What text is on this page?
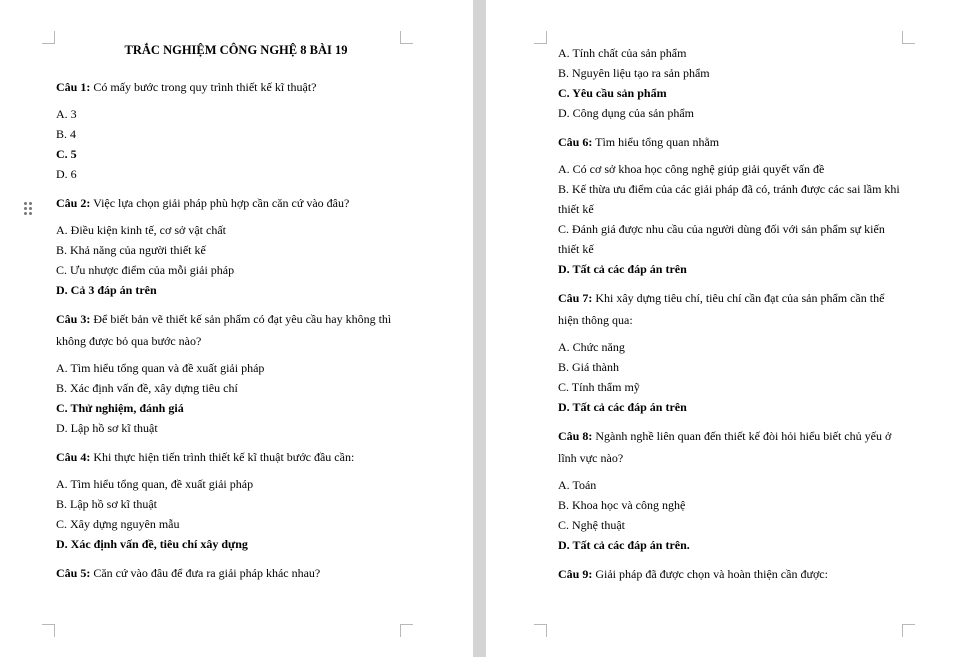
TRẮC NGHIỆM CÔNG NGHỆ 8 BÀI 19
Câu 1: Có mấy bước trong quy trình thiết kế kĩ thuật?
A. 3
B. 4
C. 5
D. 6
Câu 2: Việc lựa chọn giải pháp phù hợp cần căn cứ vào đâu?
A. Điều kiện kinh tế, cơ sở vật chất
B. Khả năng của người thiết kế
C. Ưu nhược điểm của mỗi giải pháp
D. Cả 3 đáp án trên
Câu 3: Để biết bản vẽ thiết kế sản phẩm có đạt yêu cầu hay không thì không được bỏ qua bước nào?
A. Tìm hiểu tổng quan và đề xuất giải pháp
B. Xác định vấn đề, xây dựng tiêu chí
C. Thử nghiệm, đánh giá
D. Lập hồ sơ kĩ thuật
Câu 4: Khi thực hiện tiến trình thiết kế kĩ thuật bước đầu cần:
A. Tìm hiểu tổng quan, đề xuất giải pháp
B. Lập hồ sơ kĩ thuật
C. Xây dựng nguyên mẫu
D. Xác định vấn đề, tiêu chí xây dựng
Câu 5: Căn cứ vào đâu để đưa ra giải pháp khác nhau?
A. Tính chất của sản phẩm
B. Nguyên liệu tạo ra sản phẩm
C. Yêu cầu sản phẩm
D. Công dụng của sản phẩm
Câu 6: Tìm hiểu tổng quan nhằm
A. Có cơ sở khoa học công nghệ giúp giải quyết vấn đề
B. Kế thừa ưu điểm của các giải pháp đã có, tránh được các sai lầm khi thiết kế
C. Đánh giá được nhu cầu của người dùng đối với sản phẩm sự kiến thiết kế
D. Tất cả các đáp án trên
Câu 7: Khi xây dựng tiêu chí, tiêu chí cần đạt của sản phẩm cần thể hiện thông qua:
A. Chức năng
B. Giá thành
C. Tính thẩm mỹ
D. Tất cả các đáp án trên
Câu 8: Ngành nghề liên quan đến thiết kế đòi hỏi hiểu biết chủ yếu ở lĩnh vực nào?
A. Toán
B. Khoa học và công nghệ
C. Nghệ thuật
D. Tất cả các đáp án trên.
Câu 9: Giải pháp đã được chọn và hoàn thiện cần được:
